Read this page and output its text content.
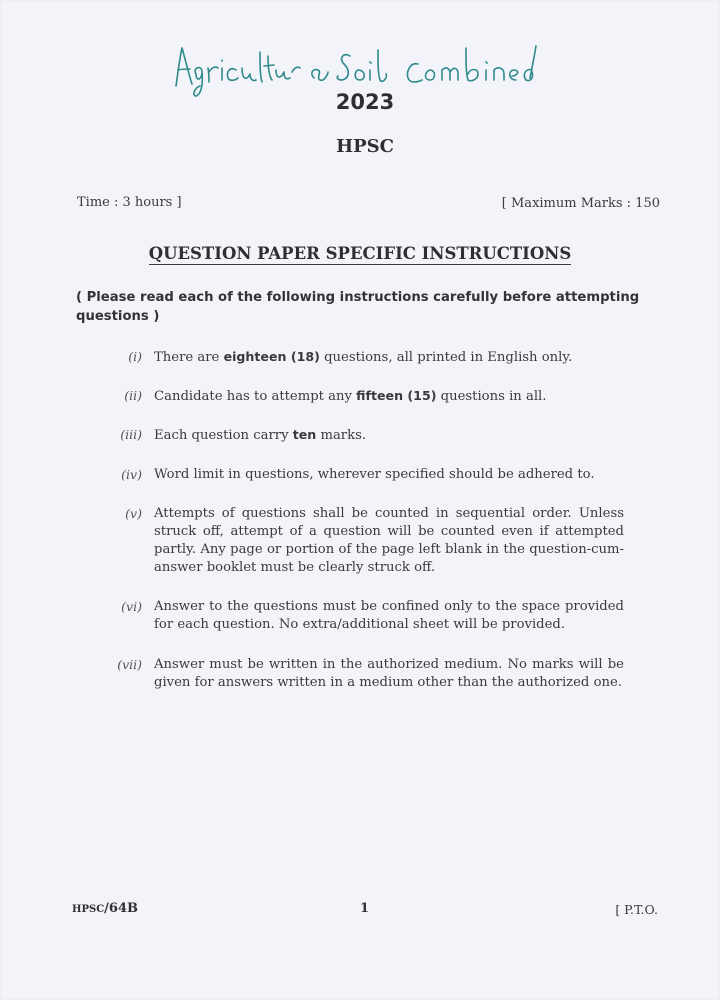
2023
HPSC
Time : 3 hours ]	[ Maximum Marks : 150
QUESTION PAPER SPECIFIC INSTRUCTIONS
( Please read each of the following instructions carefully before attempting questions )
(i) There are eighteen (18) questions, all printed in English only.
(ii) Candidate has to attempt any fifteen (15) questions in all.
(iii) Each question carry ten marks.
(iv) Word limit in questions, wherever specified should be adhered to.
(v) Attempts of questions shall be counted in sequential order. Unless struck off, attempt of a question will be counted even if attempted partly. Any page or portion of the page left blank in the question-cum-answer booklet must be clearly struck off.
(vi) Answer to the questions must be confined only to the space provided for each question. No extra/additional sheet will be provided.
(vii) Answer must be written in the authorized medium. No marks will be given for answers written in a medium other than the authorized one.
HPSC/64B	1	[ P.T.O.
